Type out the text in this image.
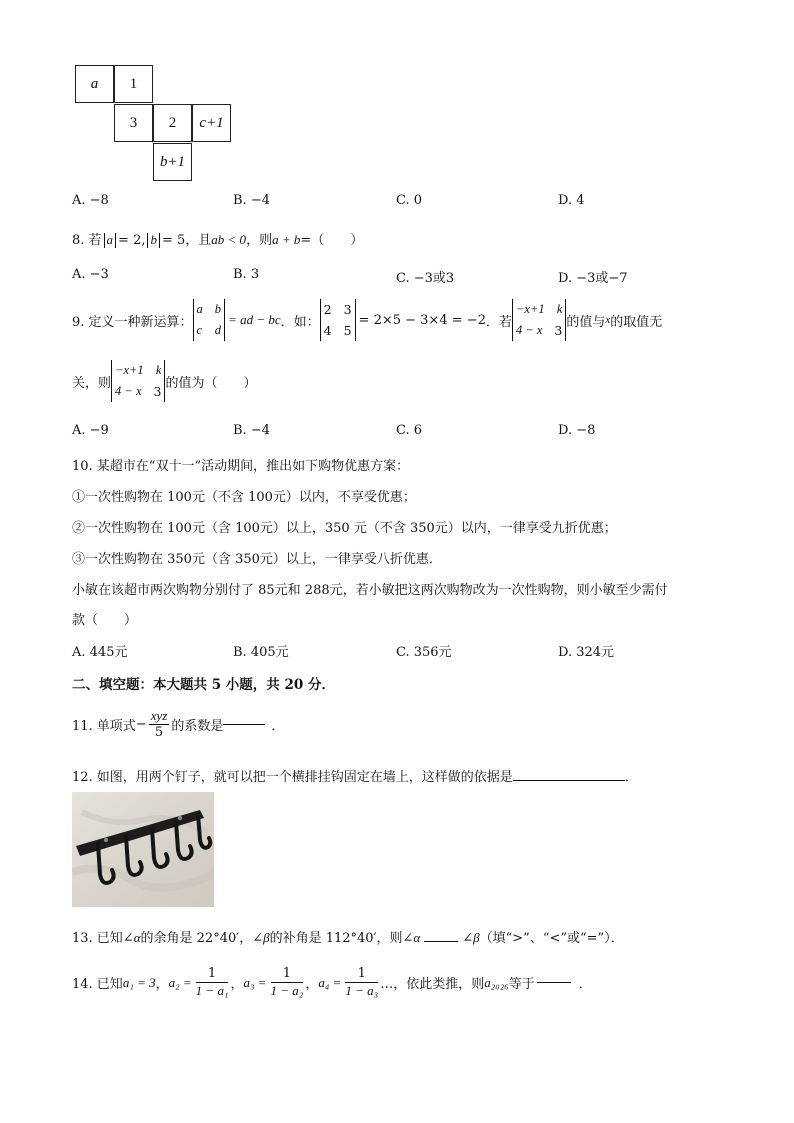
a 1
3 2 c+1
b+1
A. −8	B. −4	C. 0	D. 4
8. 若 a = 2, b = 5，且ab < 0，则a + b=（　　）
A. −3	B. 3	C. −3或3	D. −3或−7
9. 定义一种新运算：
a b
c d
= ad − bc ．如：
2 3
4 5
= 2×5 − 3×4 = −2 ．若
−x+1 k
4 − x 3
的值与 x 的取值无
关，则
−x+1 k
4 − x 3
的值为（　　）
A. −9	B. −4	C. 6	D. −8
10. 某超市在“双十一”活动期间，推出如下购物优惠方案：
①一次性购物在 100元（不含 100元）以内，不享受优惠；
②一次性购物在 100元（含 100元）以上，350 元（不含 350元）以内，一律享受九折优惠；
③一次性购物在 350元（含 350元）以上，一律享受八折优惠．
小敏在该超市两次购物分别付了 85元和 288元，若小敏把这两次购物改为一次性购物，则小敏至少需付
款（　　）
A. 445元	B. 405元	C. 356元	D. 324元
二、填空题：本大题共 5 小题，共 20 分．
11. 单项式 − $\frac{\text{xyz}}{5}$ 的系数是	．
12. 如图，用两个钉子，就可以把一个横排挂钩固定在墙上，这样做的依据是	．
13. 已知∠α的余角是 22°40′，∠β的补角是 112°40′，则∠α	∠β（填“>”、“<”或“=”）．
14. 已知 a₁ = 3 ， $a_2 = \frac{1}{\text{1 − a₁}}$ ， $a_3 = \frac{1}{\text{1 − a₂}}$ ， $a_4 = \frac{1}{\text{1 − a₃}}$ …，依此类推，则 a₂₀₂₆ 等于	．
